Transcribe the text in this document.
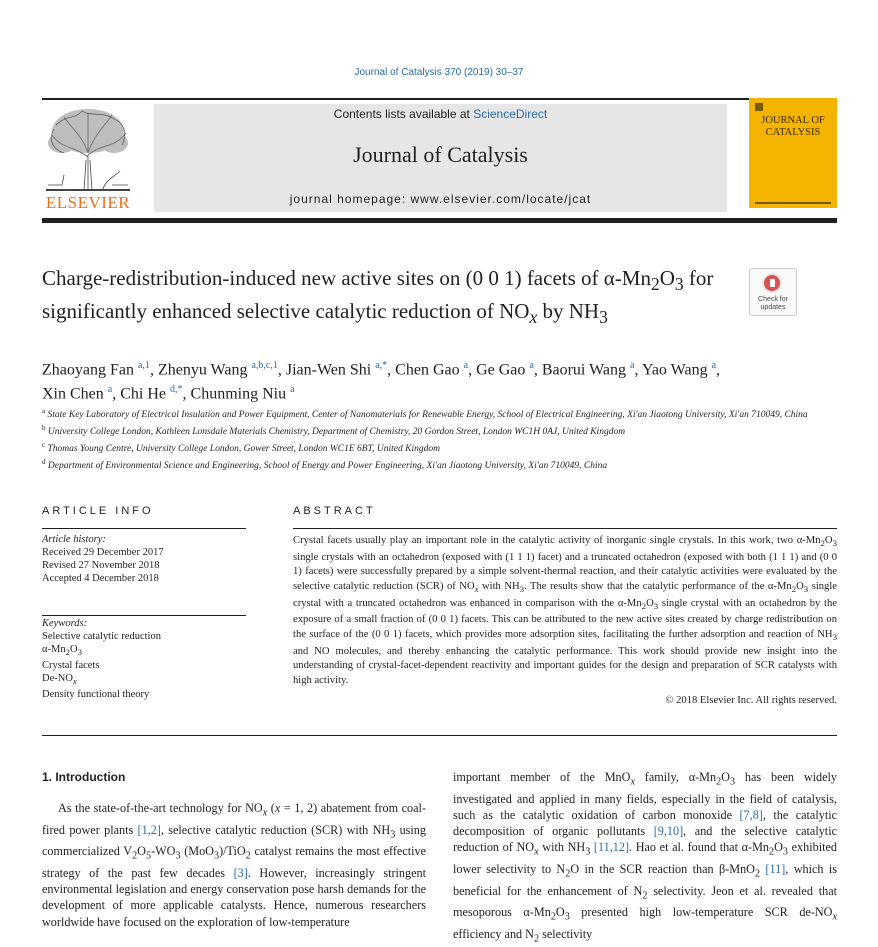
Journal of Catalysis 370 (2019) 30–37
ELSEVIER
Contents lists available at ScienceDirect
Journal of Catalysis
journal homepage: www.elsevier.com/locate/jcat
JOURNAL OF CATALYSIS
Charge-redistribution-induced new active sites on (0 0 1) facets of $\alpha-Mn_2O_3$ for significantly enhanced selective catalytic reduction of $NO_x$ by $NH_3$
Check for updates
Zhaoyang Fan $^{a,1}$, Zhenyu Wang $^{a,b,c,1}$, Jian-Wen Shi $^{a,*}$, Chen Gao $^a$, Ge Gao $^a$, Baorui Wang $^a$, Yao Wang $^a$,
Xin Chen $^a$, Chi He $^{d,*}$, Chunming Niu $^a$
$^a$ State Key Laboratory of Electrical Insulation and Power Equipment, Center of Nanomaterials for Renewable Energy, School of Electrical Engineering, Xi'an Jiaotong University, Xi'an 710049, China
$^b$ University College London, Kathleen Lonsdale Materials Chemistry, Department of Chemistry, 20 Gordon Street, London WC1H 0AJ, United Kingdom
$^c$ Thomas Young Centre, University College London, Gower Street, London WC1E 6BT, United Kingdom
$^d$ Department of Environmental Science and Engineering, School of Energy and Power Engineering, Xi'an Jiaotong University, Xi'an 710049, China
ARTICLE INFO	ABSTRACT
Article history:
Received 29 December 2017
Revised 27 November 2018
Accepted 4 December 2018
Keywords:
Selective catalytic reduction
$\alpha-Mn_2O_3$
Crystal facets
$De-NO_x$
Density functional theory
Crystal facets usually play an important role in the catalytic activity of inorganic single crystals. In this work, two $\alpha-Mn_2O_3$ single crystals with an octahedron (exposed with (1 1 1) facet) and a truncated octahedron (exposed with both (1 1 1) and (0 0 1) facets) were successfully prepared by a simple solvent-thermal reaction, and their catalytic activities were evaluated by the selective catalytic reduction (SCR) of $NO_x$ with $NH_3$. The results show that the catalytic performance of the $\alpha-Mn_2O_3$ single crystal with a truncated octahedron was enhanced in comparison with the $\alpha-Mn_2O_3$ single crystal with an octahedron by the exposure of a small fraction of (0 0 1) facets. This can be attributed to the new active sites created by charge redistribution on the surface of the (0 0 1) facets, which provides more adsorption sites, facilitating the further adsorption and reaction of $NH_3$ and NO molecules, and thereby enhancing the catalytic performance. This work should provide new insight into the understanding of crystal-facet-dependent reactivity and important guides for the design and preparation of SCR catalysts with high activity.
© 2018 Elsevier Inc. All rights reserved.
1. Introduction

As the state-of-the-art technology for $NO_x$ (x = 1, 2) abatement from coal-fired power plants [1,2], selective catalytic reduction (SCR) with $NH_3$ using commercialized $V_2O_5-WO_3$ (MoO$_3$)/TiO$_2$ catalyst remains the most effective strategy of the past few decades [3]. However, increasingly stringent environmental legislation and energy conservation pose harsh demands for the development of more applicable catalysts. Hence, numerous researchers worldwide have focused on the exploration of low-temperature

important member of the MnO$_x$ family, $\alpha-Mn_2O_3$ has been widely investigated and applied in many fields, especially in the field of catalysis, such as the catalytic oxidation of carbon monoxide [7,8], the catalytic decomposition of organic pollutants [9,10], and the selective catalytic reduction of $NO_x$ with $NH_3$ [11,12]. Hao et al. found that $\alpha-Mn_2O_3$ exhibited lower selectivity to $N_2O$ in the SCR reaction than β-MnO$_2$ [11], which is beneficial for the enhancement of $N_2$ selectivity. Jeon et al. revealed that mesoporous $\alpha-Mn_2O_3$ presented high low-temperature SCR $de-NO_x$ efficiency and $N_2$ selectivity
